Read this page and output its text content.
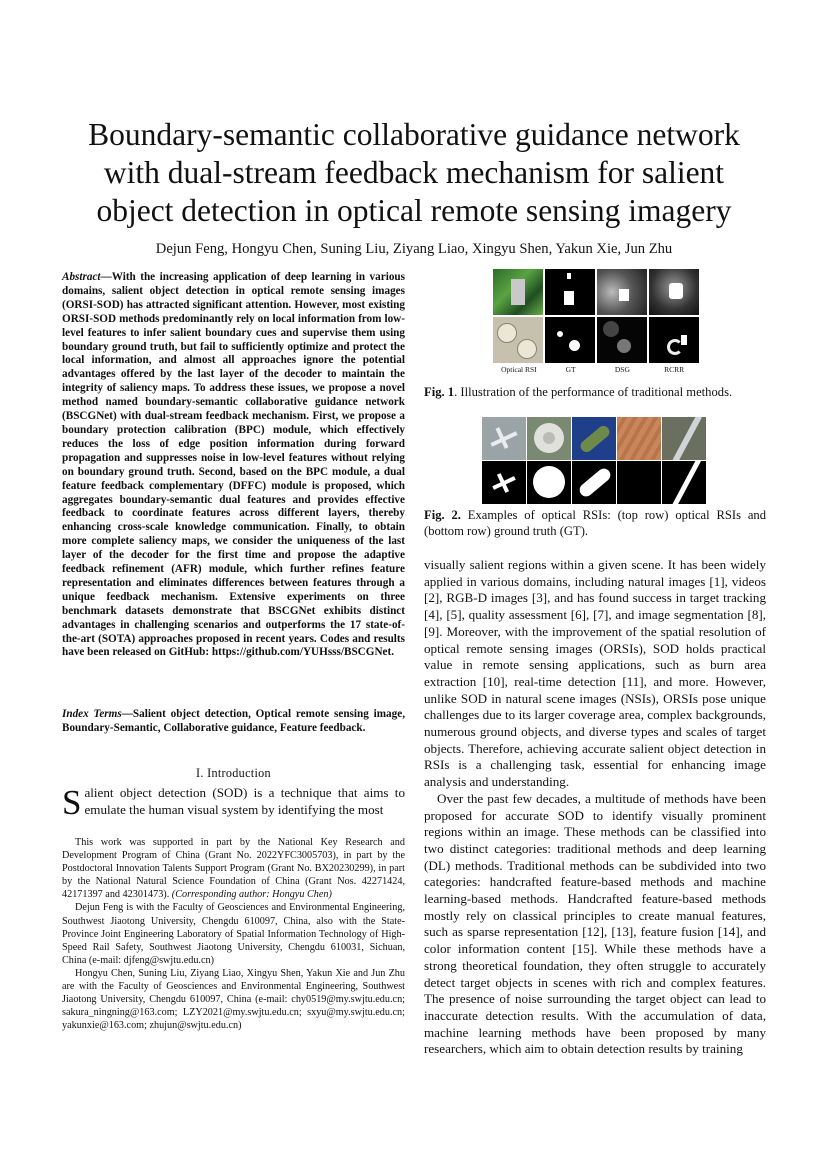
Boundary-semantic collaborative guidance network
with dual-stream feedback mechanism for salient
object detection in optical remote sensing imagery
Dejun Feng, Hongyu Chen, Suning Liu, Ziyang Liao, Xingyu Shen, Yakun Xie, Jun Zhu
Abstract—With the increasing application of deep learning in various domains, salient object detection in optical remote sensing images (ORSI-SOD) has attracted significant attention. However, most existing ORSI-SOD methods predominantly rely on local information from low-level features to infer salient boundary cues and supervise them using boundary ground truth, but fail to sufficiently optimize and protect the local information, and almost all approaches ignore the potential advantages offered by the last layer of the decoder to maintain the integrity of saliency maps. To address these issues, we propose a novel method named boundary-semantic collaborative guidance network (BSCGNet) with dual-stream feedback mechanism. First, we propose a boundary protection calibration (BPC) module, which effectively reduces the loss of edge position information during forward propagation and suppresses noise in low-level features without relying on boundary ground truth. Second, based on the BPC module, a dual feature feedback complementary (DFFC) module is proposed, which aggregates boundary-semantic dual features and provides effective feedback to coordinate features across different layers, thereby enhancing cross-scale knowledge communication. Finally, to obtain more complete saliency maps, we consider the uniqueness of the last layer of the decoder for the first time and propose the adaptive feedback refinement (AFR) module, which further refines feature representation and eliminates differences between features through a unique feedback mechanism. Extensive experiments on three benchmark datasets demonstrate that BSCGNet exhibits distinct advantages in challenging scenarios and outperforms the 17 state-of-the-art (SOTA) approaches proposed in recent years. Codes and results have been released on GitHub: https://github.com/YUHsss/BSCGNet.
Index Terms—Salient object detection, Optical remote sensing image, Boundary-Semantic, Collaborative guidance, Feature feedback.
I. Introduction
Salient object detection (SOD) is a technique that aims to emulate the human visual system by identifying the most

This work was supported in part by the National Key Research and Development Program of China (Grant No. 2022YFC3005703), in part by the Postdoctoral Innovation Talents Support Program (Grant No. BX20230299), in part by the National Natural Science Foundation of China (Grant Nos. 42271424, 42171397 and 42301473). (Corresponding author: Hongyu Chen)

Dejun Feng is with the Faculty of Geosciences and Environmental Engineering, Southwest Jiaotong University, Chengdu 610097, China, also with the State-Province Joint Engineering Laboratory of Spatial Information Technology of High-Speed Rail Safety, Southwest Jiaotong University, Chengdu 610031, Sichuan, China (e-mail: djfeng@swjtu.edu.cn)

Hongyu Chen, Suning Liu, Ziyang Liao, Xingyu Shen, Yakun Xie and Jun Zhu are with the Faculty of Geosciences and Environmental Engineering, Southwest Jiaotong University, Chengdu 610097, China (e-mail: chy0519@my.swjtu.edu.cn; sakura_ningning@163.com; LZY2021@my.swjtu.edu.cn; sxyu@my.swjtu.edu.cn; yakunxie@163.com; zhujun@swjtu.edu.cn)

Optical RSI	GT	DSG	RCRR
Fig. 1. Illustration of the performance of traditional methods.
Fig. 2. Examples of optical RSIs: (top row) optical RSIs and (bottom row) ground truth (GT).

visually salient regions within a given scene. It has been widely applied in various domains, including natural images [1], videos [2], RGB-D images [3], and has found success in target tracking [4], [5], quality assessment [6], [7], and image segmentation [8], [9]. Moreover, with the improvement of the spatial resolution of optical remote sensing images (ORSIs), SOD holds practical value in remote sensing applications, such as burn area extraction [10], real-time detection [11], and more. However, unlike SOD in natural scene images (NSIs), ORSIs pose unique challenges due to its larger coverage area, complex backgrounds, numerous ground objects, and diverse types and scales of target objects. Therefore, achieving accurate salient object detection in RSIs is a challenging task, essential for enhancing image analysis and understanding.

Over the past few decades, a multitude of methods have been proposed for accurate SOD to identify visually prominent regions within an image. These methods can be classified into two distinct categories: traditional methods and deep learning (DL) methods. Traditional methods can be subdivided into two categories: handcrafted feature-based methods and machine learning-based methods. Handcrafted feature-based methods mostly rely on classical principles to create manual features, such as sparse representation [12], [13], feature fusion [14], and color information content [15]. While these methods have a strong theoretical foundation, they often struggle to accurately detect target objects in scenes with rich and complex features. The presence of noise surrounding the target object can lead to inaccurate detection results. With the accumulation of data, machine learning methods have been proposed by many researchers, which aim to obtain detection results by training
